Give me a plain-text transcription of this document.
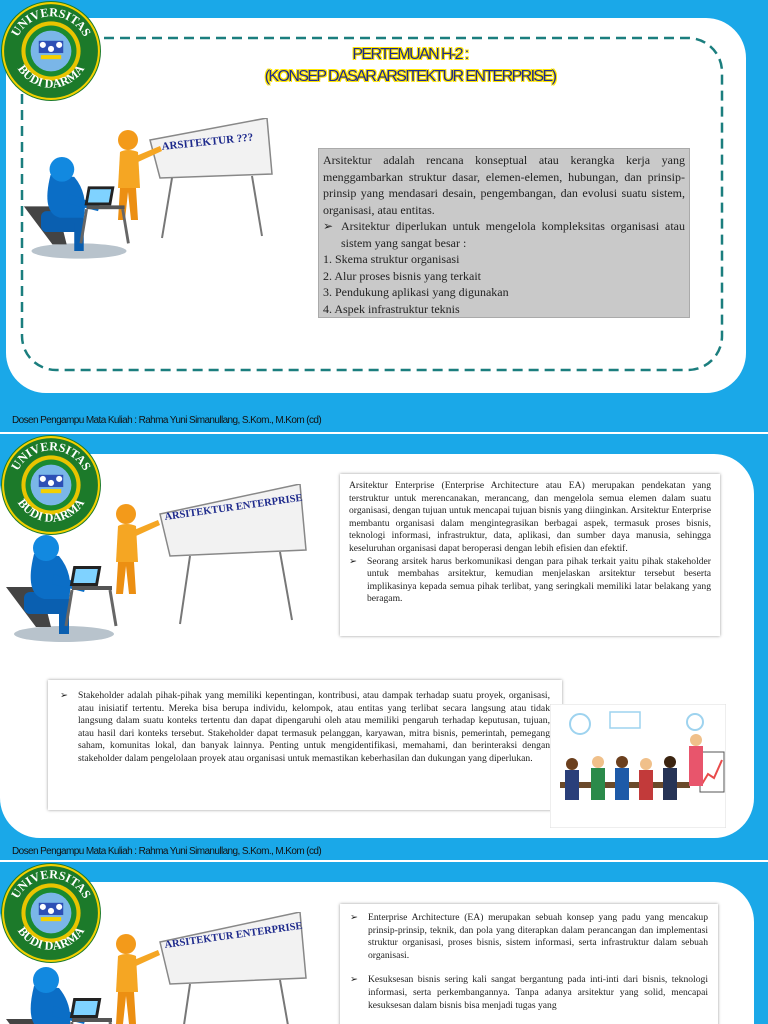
UNIVERSITAS
BUDI DARMA
PERTEMUAN H-2 :
(KONSEP DASAR ARSITEKTUR ENTERPRISE)
ARSITEKTUR ???

Arsitektur adalah rencana konseptual atau kerangka kerja yang menggambarkan struktur dasar, elemen-elemen, hubungan, dan prinsip-prinsip yang mendasari desain, pengembangan, dan evolusi suatu sistem, organisasi, atau entitas.

➢ Arsitektur diperlukan untuk mengelola kompleksitas organisasi atau sistem yang sangat besar :
1. Skema struktur organisasi
2. Alur proses bisnis yang terkait
3. Pendukung aplikasi yang digunakan
4. Aspek infrastruktur teknis
Dosen Pengampu Mata Kuliah : Rahma Yuni Simanullang, S.Kom., M.Kom (cd)
UNIVERSITAS
BUDI DARMA	ARSITEKTUR ENTERPRISE

Arsitektur Enterprise (Enterprise Architecture atau EA) merupakan pendekatan yang terstruktur untuk merencanakan, merancang, dan mengelola semua elemen dalam suatu organisasi, dengan tujuan untuk mencapai tujuan bisnis yang diinginkan. Arsitektur Enterprise membantu organisasi dalam mengintegrasikan berbagai aspek, termasuk proses bisnis, teknologi informasi, infrastruktur, data, aplikasi, dan sumber daya manusia, sehingga keseluruhan organisasi dapat beroperasi dengan lebih efisien dan efektif.

➢ Seorang arsitek harus berkomunikasi dengan para pihak terkait yaitu pihak stakeholder untuk membahas arsitektur, kemudian menjelaskan arsitektur tersebut beserta implikasinya kepada semua pihak terlibat, yang seringkali memiliki latar belakang yang beragam.
➢ Stakeholder adalah pihak-pihak yang memiliki kepentingan, kontribusi, atau dampak terhadap suatu proyek, organisasi, atau inisiatif tertentu. Mereka bisa berupa individu, kelompok, atau entitas yang terlibat secara langsung atau tidak langsung dalam suatu konteks tertentu dan dapat dipengaruhi oleh atau memiliki pengaruh terhadap keputusan, tujuan, atau hasil dari konteks tersebut. Stakeholder dapat termasuk pelanggan, karyawan, mitra bisnis, pemerintah, pemegang saham, komunitas lokal, dan banyak lainnya. Penting untuk mengidentifikasi, memahami, dan berinteraksi dengan stakeholder dalam pengelolaan proyek atau organisasi untuk memastikan keberhasilan dan dukungan yang diperlukan.
Dosen Pengampu Mata Kuliah : Rahma Yuni Simanullang, S.Kom., M.Kom (cd)
UNIVERSITAS
BUDI DARMA	ARSITEKTUR ENTERPRISE
➢ Enterprise Architecture (EA) merupakan sebuah konsep yang padu yang mencakup prinsip-prinsip, teknik, dan pola yang diterapkan dalam perancangan dan implementasi struktur organisasi, proses bisnis, sistem informasi, serta infrastruktur dalam sebuah organisasi.
➢ Kesuksesan bisnis sering kali sangat bergantung pada inti-inti dari bisnis, teknologi informasi, serta perkembangannya. Tanpa adanya arsitektur yang solid, mencapai kesuksesan dalam bisnis bisa menjadi tugas yang
